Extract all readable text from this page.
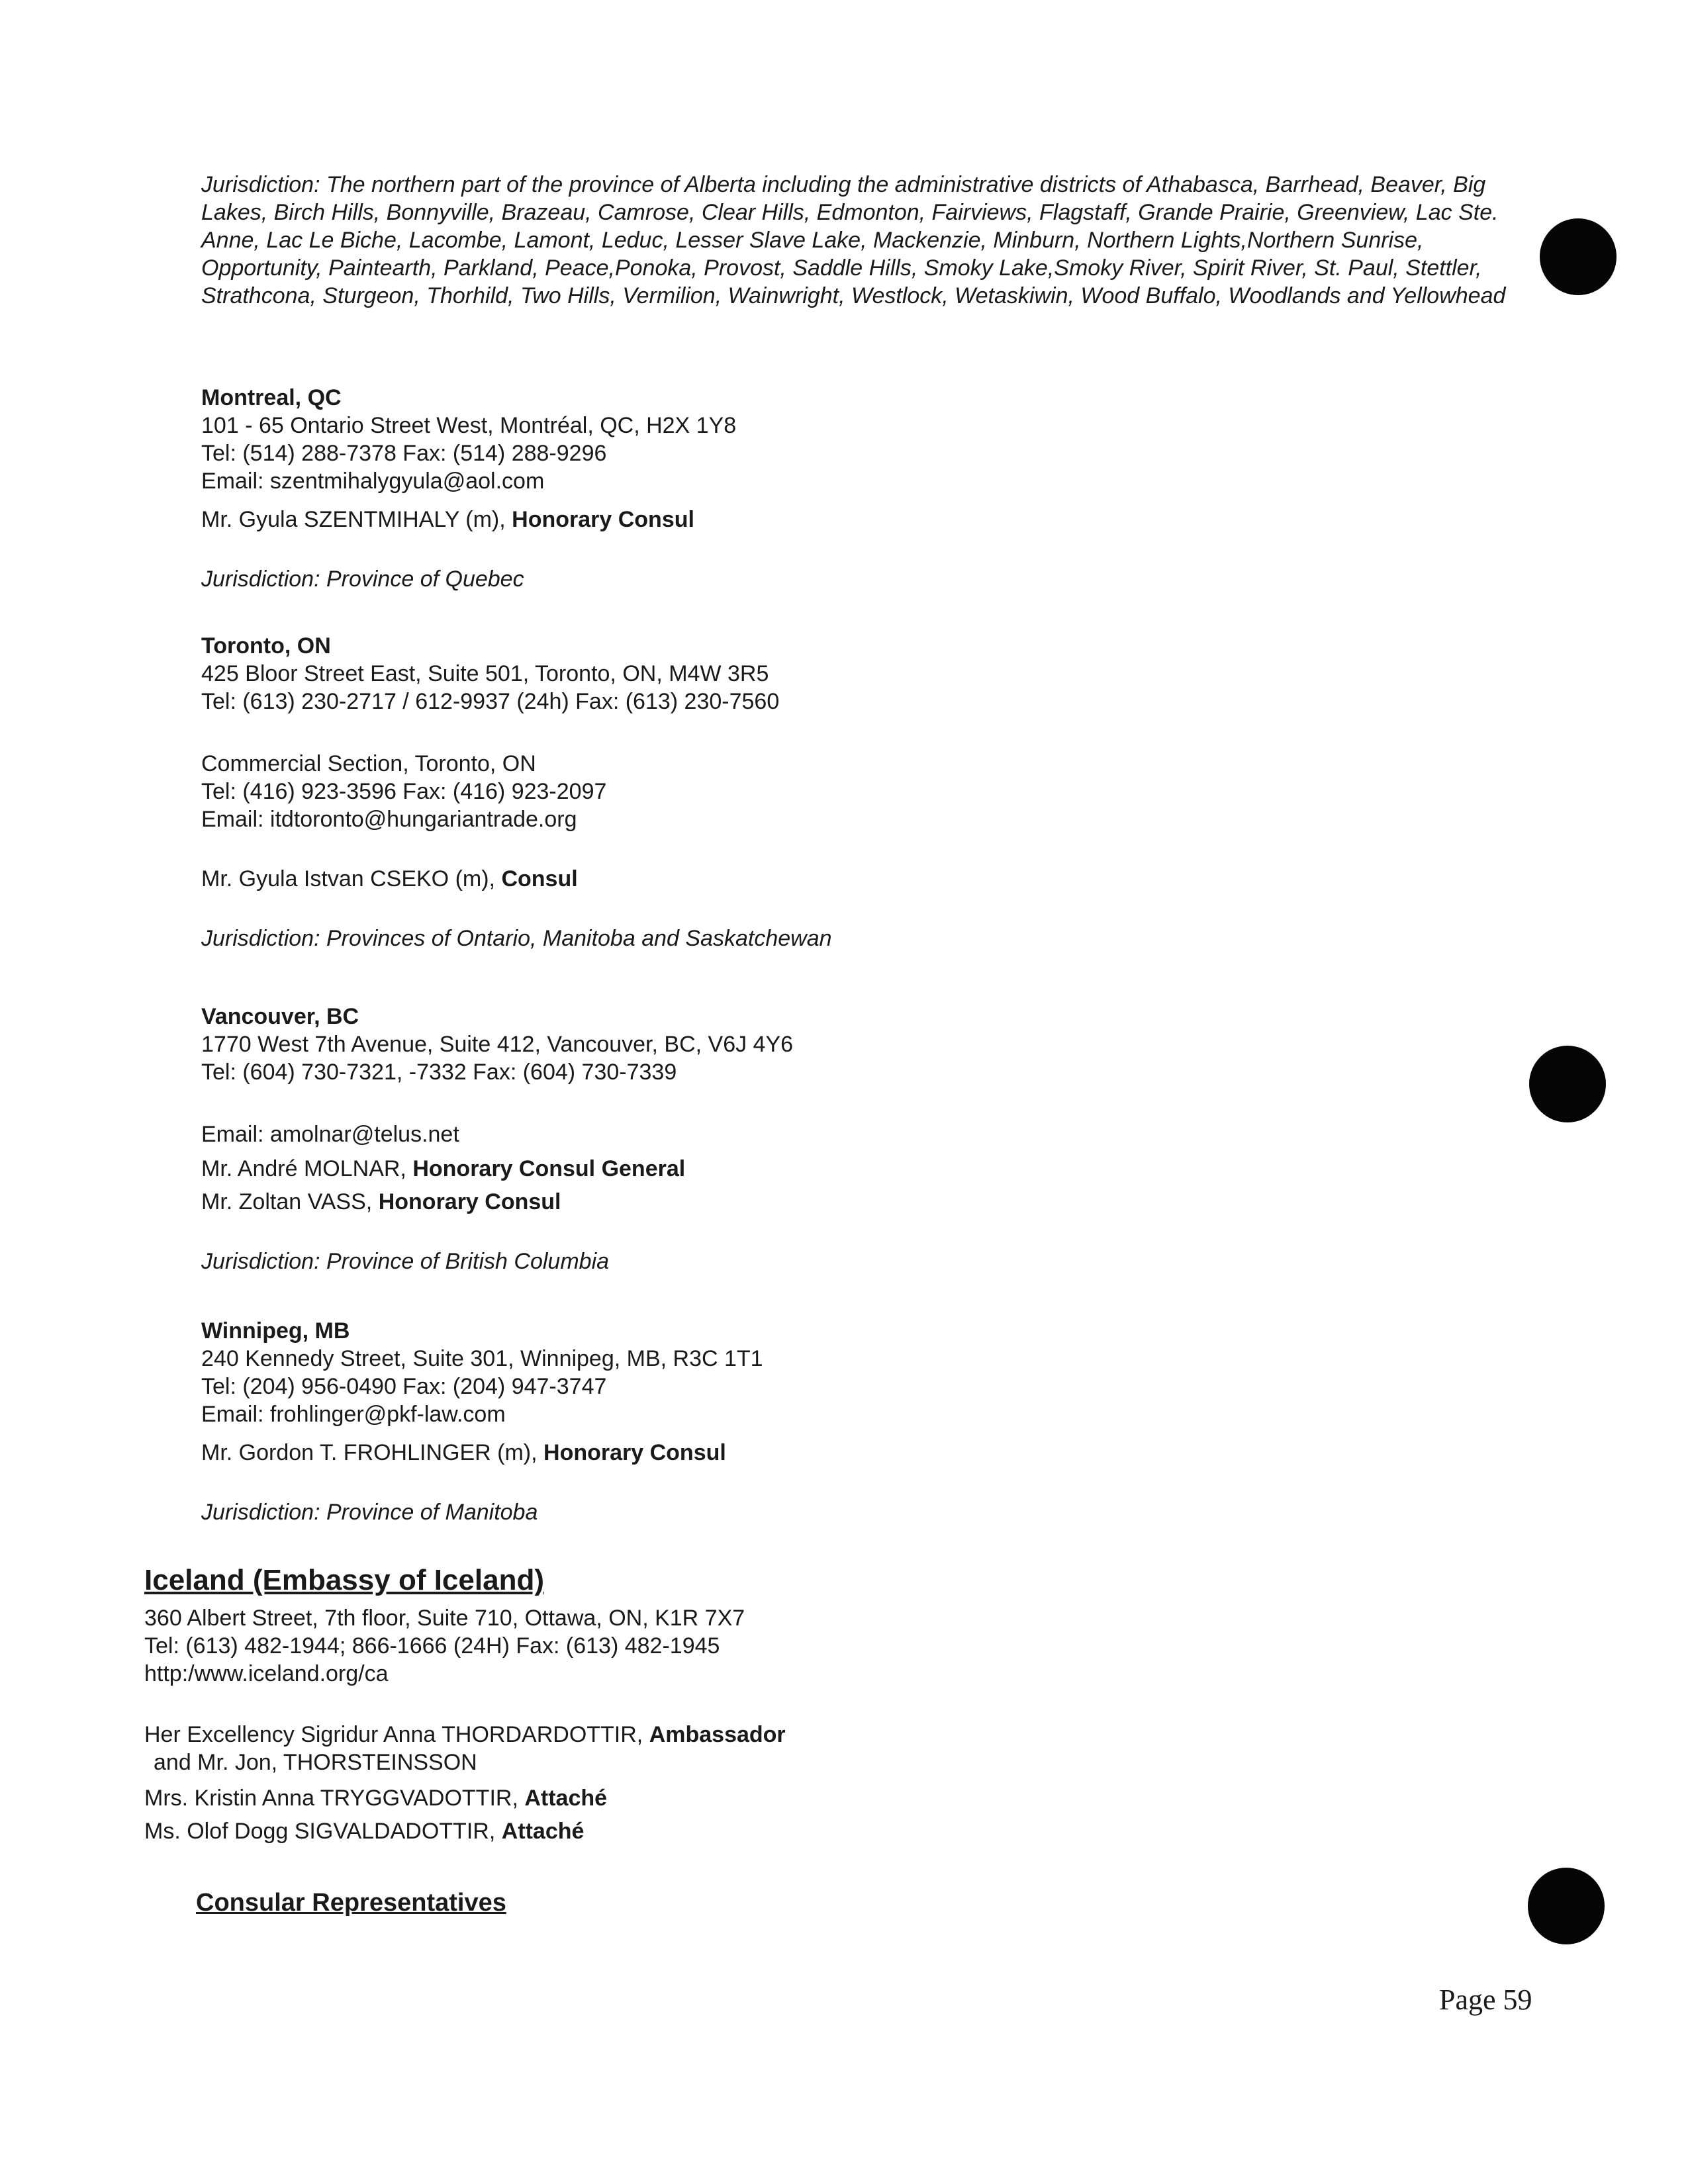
Jurisdiction: The northern part of the province of Alberta including the administrative districts of Athabasca, Barrhead, Beaver, Big Lakes, Birch Hills, Bonnyville, Brazeau, Camrose, Clear Hills, Edmonton, Fairviews, Flagstaff, Grande Prairie, Greenview, Lac Ste. Anne, Lac Le Biche, Lacombe, Lamont, Leduc, Lesser Slave Lake, Mackenzie, Minburn, Northern Lights,Northern Sunrise, Opportunity, Paintearth, Parkland, Peace,Ponoka, Provost, Saddle Hills, Smoky Lake,Smoky River, Spirit River, St. Paul, Stettler, Strathcona, Sturgeon, Thorhild, Two Hills, Vermilion, Wainwright, Westlock, Wetaskiwin, Wood Buffalo, Woodlands and Yellowhead

Montreal, QC

101 - 65 Ontario Street West, Montréal, QC, H2X 1Y8

Tel: (514) 288-7378 Fax: (514) 288-9296

Email: szentmihalygyula@aol.com

Mr. Gyula SZENTMIHALY (m), Honorary Consul

Jurisdiction: Province of Quebec

Toronto, ON

425 Bloor Street East, Suite 501, Toronto, ON, M4W 3R5

Tel: (613) 230-2717 / 612-9937 (24h) Fax: (613) 230-7560

Commercial Section, Toronto, ON

Tel: (416) 923-3596 Fax: (416) 923-2097

Email: itdtoronto@hungariantrade.org

Mr. Gyula Istvan CSEKO (m), Consul

Jurisdiction: Provinces of Ontario, Manitoba and Saskatchewan

Vancouver, BC

1770 West 7th Avenue, Suite 412, Vancouver, BC, V6J 4Y6

Tel: (604) 730-7321, -7332 Fax: (604) 730-7339

Email: amolnar@telus.net

Mr. André MOLNAR, Honorary Consul General

Mr. Zoltan VASS, Honorary Consul

Jurisdiction: Province of British Columbia

Winnipeg, MB

240 Kennedy Street, Suite 301, Winnipeg, MB, R3C 1T1

Tel: (204) 956-0490 Fax: (204) 947-3747

Email: frohlinger@pkf-law.com

Mr. Gordon T. FROHLINGER (m), Honorary Consul

Jurisdiction: Province of Manitoba

Iceland (Embassy of Iceland)

360 Albert Street, 7th floor, Suite 710, Ottawa, ON, K1R 7X7

Tel: (613) 482-1944; 866-1666 (24H) Fax: (613) 482-1945

http:/www.iceland.org/ca

Her Excellency Sigridur Anna THORDARDOTTIR, Ambassador

and Mr. Jon, THORSTEINSSON

Mrs. Kristin Anna TRYGGVADOTTIR, Attaché

Ms. Olof Dogg SIGVALDADOTTIR, Attaché

Consular Representatives

Page 59
